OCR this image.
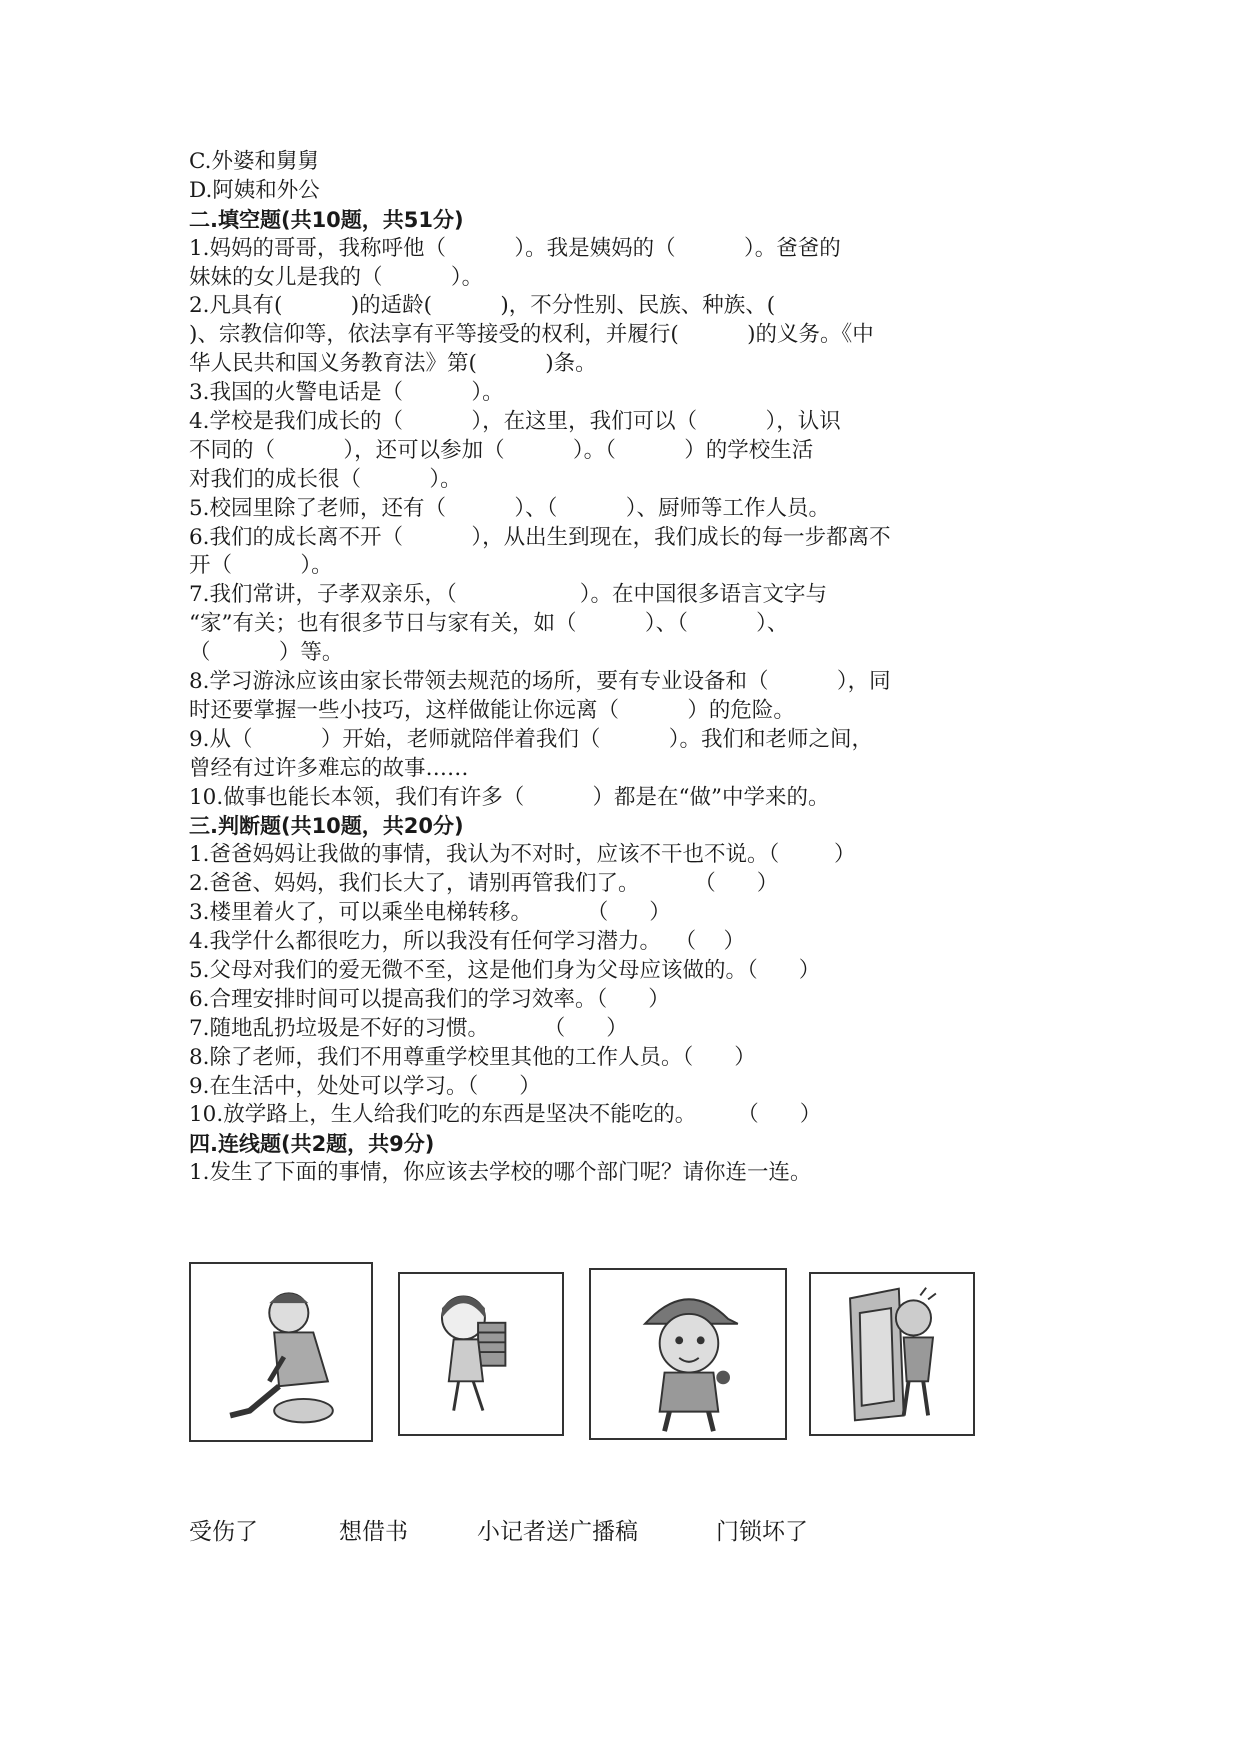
C.外婆和舅舅
D.阿姨和外公
二.填空题(共10题，共51分)
1.妈妈的哥哥，我称呼他（          ）。我是姨妈的（          ）。爸爸的
妹妹的女儿是我的（          ）。
2.凡具有(          )的适龄(          )，不分性别、民族、种族、(
)、宗教信仰等，依法享有平等接受的权利，并履行(          )的义务。《中
华人民共和国义务教育法》第(          )条。
3.我国的火警电话是（          ）。
4.学校是我们成长的（          ），在这里，我们可以（          ），认识
不同的（          ），还可以参加（          ）。（          ）的学校生活
对我们的成长很（          ）。
5.校园里除了老师，还有（          ）、（          ）、厨师等工作人员。
6.我们的成长离不开（          ），从出生到现在，我们成长的每一步都离不
开（          ）。
7.我们常讲，子孝双亲乐，（                  ）。在中国很多语言文字与
“家”有关；也有很多节日与家有关，如（          ）、（          ）、
（          ）等。
8.学习游泳应该由家长带领去规范的场所，要有专业设备和（          ），同
时还要掌握一些小技巧，这样做能让你远离（          ）的危险。
9.从（          ）开始，老师就陪伴着我们（          ）。我们和老师之间，
曾经有过许多难忘的故事……
10.做事也能长本领，我们有许多（          ）都是在“做”中学来的。
三.判断题(共10题，共20分)
1.爸爸妈妈让我做的事情，我认为不对时，应该不干也不说。（        ）
2.爸爸、妈妈，我们长大了，请别再管我们了。        （      ）
3.楼里着火了，可以乘坐电梯转移。        （      ）
4.我学什么都很吃力，所以我没有任何学习潜力。  （    ）
5.父母对我们的爱无微不至，这是他们身为父母应该做的。（      ）
6.合理安排时间可以提高我们的学习效率。（      ）
7.随地乱扔垃圾是不好的习惯。        （      ）
8.除了老师，我们不用尊重学校里其他的工作人员。（      ）
9.在生活中，处处可以学习。（      ）
10.放学路上，生人给我们吃的东西是坚决不能吃的。      （      ）
四.连线题(共2题，共9分)
1.发生了下面的事情，你应该去学校的哪个部门呢？请你连一连。
受伤了	想借书	小记者送广播稿	门锁坏了
